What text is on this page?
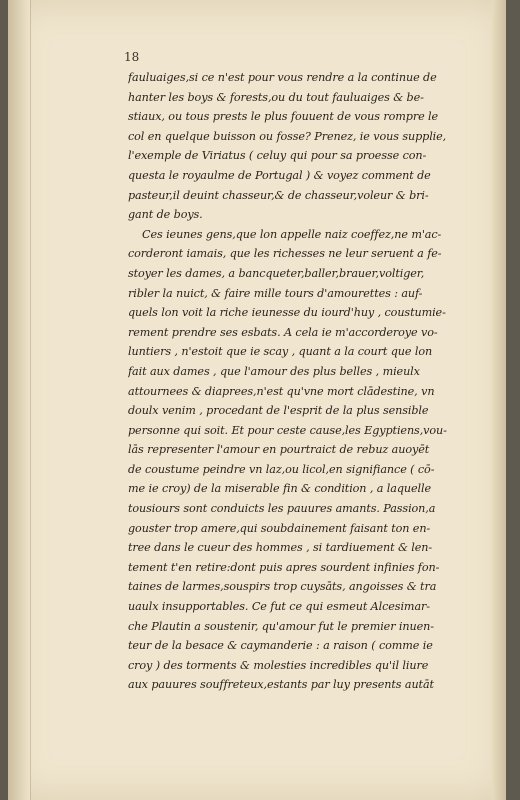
18
fauluaiges,si ce n'est pour vous rendre a la continue de
hanter les boys & forests,ou du tout fauluaiges & be-
stiaux, ou tous prests le plus fouuent de vous rompre le
col en quelque buisson ou fosse? Prenez, ie vous supplie,
l'exemple de Viriatus ( celuy qui pour sa proesse con-
questa le royaulme de Portugal ) & voyez comment de
pasteur,il deuint chasseur,& de chasseur,voleur & bri-
gant de boys.
Ces ieunes gens,que lon appelle naiz coeffez,ne m'ac-
corderont iamais, que les richesses ne leur seruent a fe-
stoyer les dames, a bancqueter,baller,brauer,voltiger,
ribler la nuict, & faire mille tours d'amourettes : auf-
quels lon voit la riche ieunesse du iourd'huy , coustumie-
rement prendre ses esbats. A cela ie m'accorderoye vo-
luntiers , n'estoit que ie scay , quant a la court que lon
fait aux dames , que l'amour des plus belles , mieulx
attournees & diaprees,n'est qu'vne mort clādestine, vn
doulx venim , procedant de l'esprit de la plus sensible
personne qui soit. Et pour ceste cause,les Egyptiens,vou-
lās representer l'amour en pourtraict de rebuz auoyēt
de coustume peindre vn laz,ou licol,en signifiance ( cō-
me ie croy) de la miserable fin & condition , a laquelle
tousiours sont conduicts les pauures amants. Passion,a
gouster trop amere,qui soubdainement faisant ton en-
tree dans le cueur des hommes , si tardiuement & len-
tement t'en retire:dont puis apres sourdent infinies fon-
taines de larmes,souspirs trop cuysāts, angoisses & tra
uaulx insupportables. Ce fut ce qui esmeut Alcesimar-
che Plautin a soustenir, qu'amour fut le premier inuen-
teur de la besace & caymanderie : a raison ( comme ie
croy ) des torments & molesties incredibles qu'il liure
aux pauures souffreteux,estants par luy presents autāt
